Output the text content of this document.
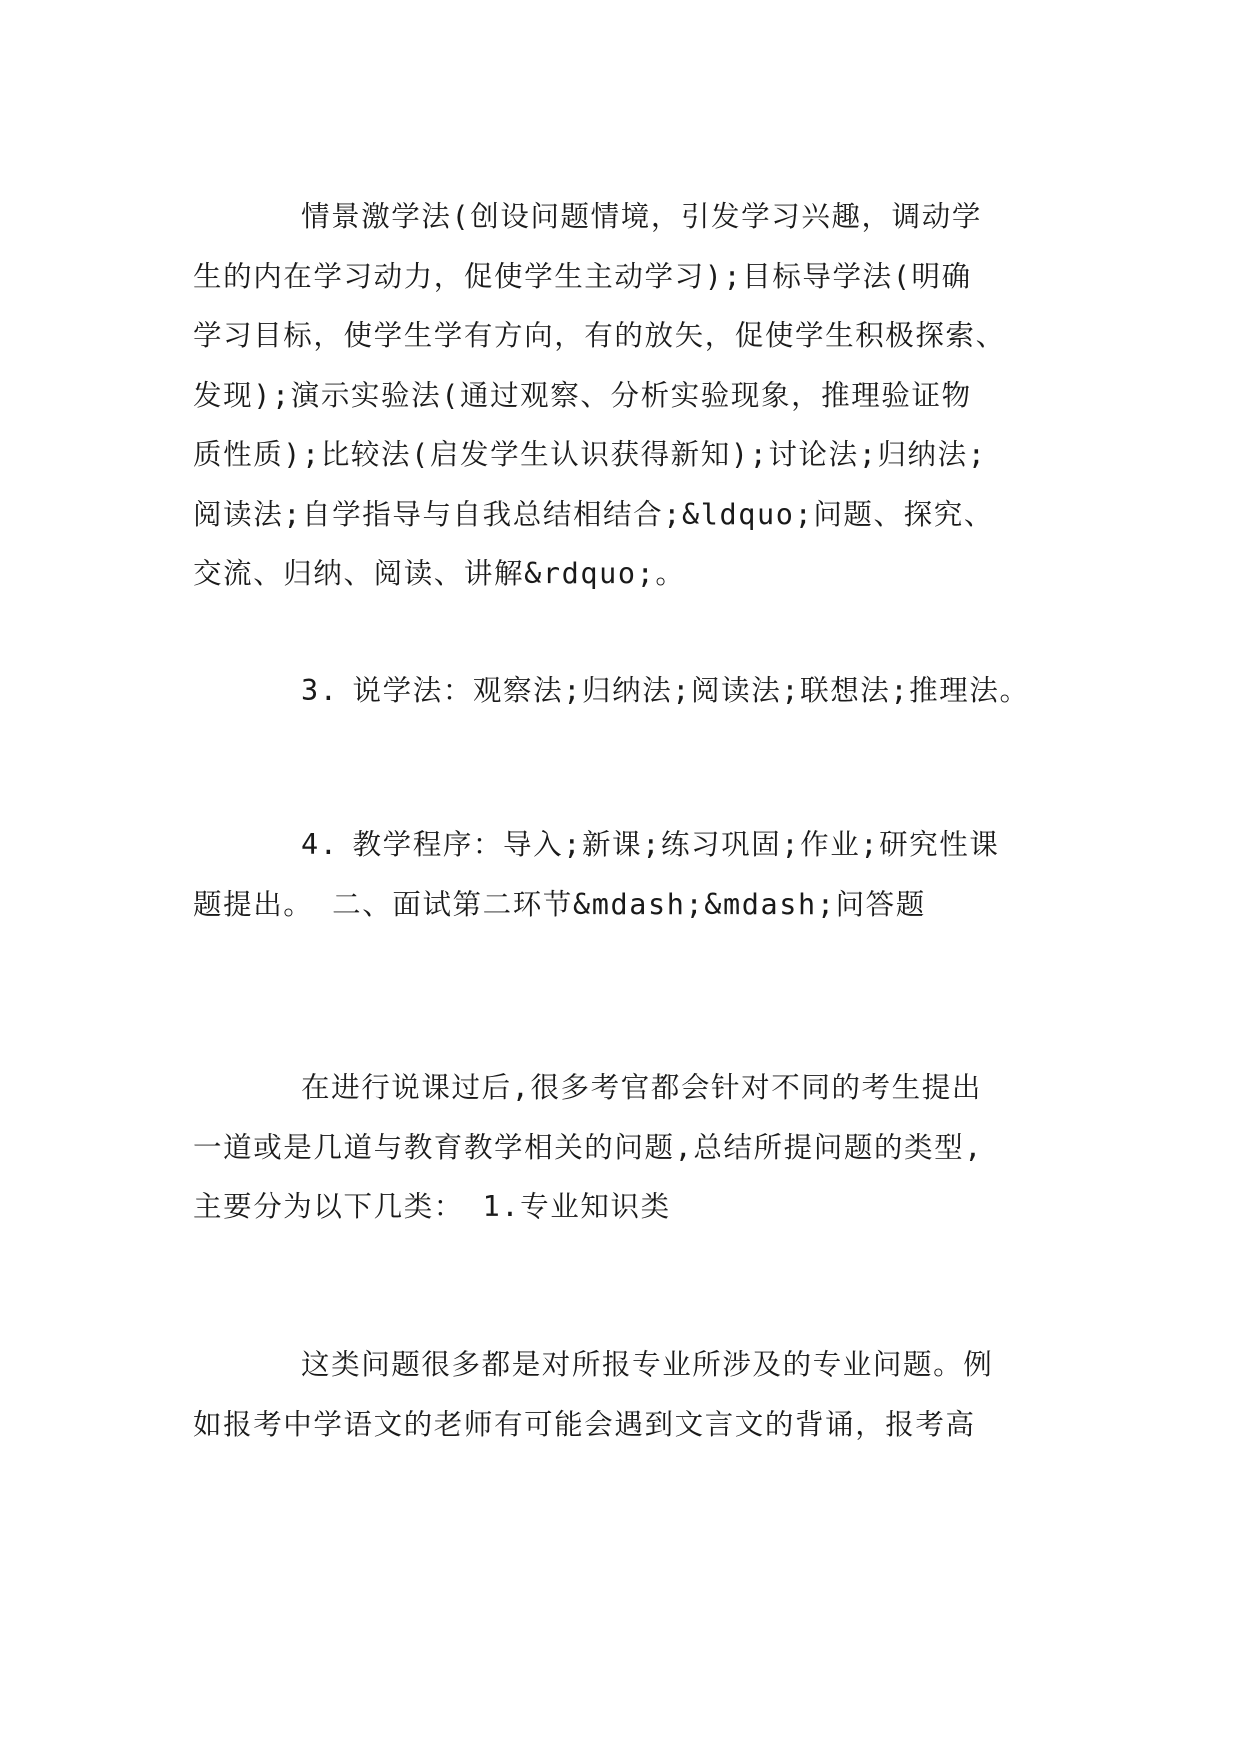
情景激学法(创设问题情境，引发学习兴趣，调动学
生的内在学习动力，促使学生主动学习);目标导学法(明确
学习目标，使学生学有方向，有的放矢，促使学生积极探索、
发现);演示实验法(通过观察、分析实验现象，推理验证物
质性质);比较法(启发学生认识获得新知);讨论法;归纳法;
阅读法;自学指导与自我总结相结合;&ldquo;问题、探究、
交流、归纳、阅读、讲解&rdquo;。
3. 说学法：观察法;归纳法;阅读法;联想法;推理法。
4. 教学程序：导入;新课;练习巩固;作业;研究性课
题提出。 二、面试第二环节&mdash;&mdash;问答题
在进行说课过后,很多考官都会针对不同的考生提出
一道或是几道与教育教学相关的问题,总结所提问题的类型,
主要分为以下几类： 1.专业知识类
这类问题很多都是对所报专业所涉及的专业问题。例
如报考中学语文的老师有可能会遇到文言文的背诵，报考高
